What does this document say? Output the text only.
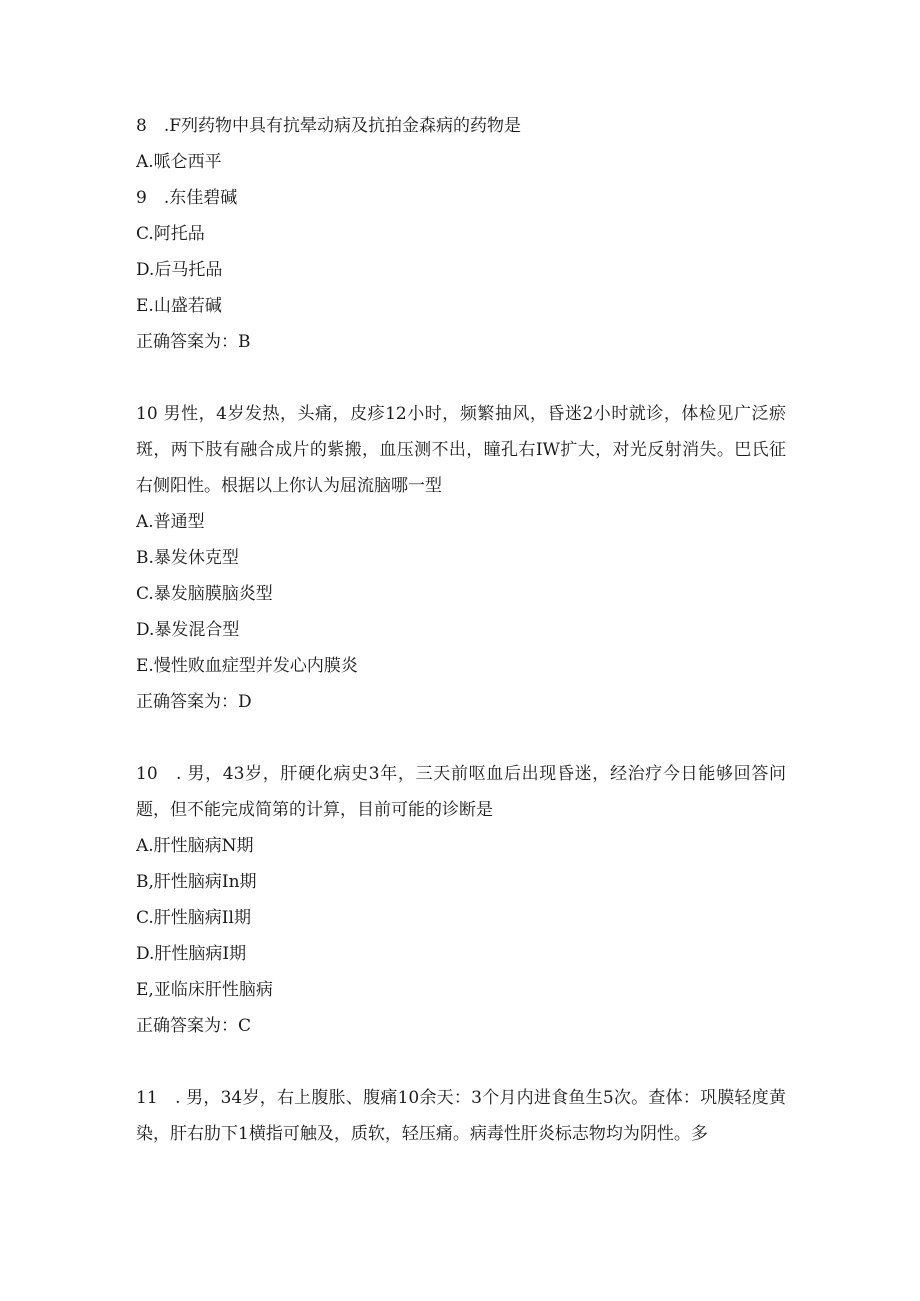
8　.F列药物中具有抗晕动病及抗拍金森病的药物是
A.哌仑西平
9　.东佳碧碱
C.阿托品
D.后马托品
E.山盛若碱
正确答案为：B
10 男性，4岁发热，头痛，皮疹12小时，频繁抽风，昏迷2小时就诊，体检见广泛瘀斑，两下肢有融合成片的紫搬，血压测不出，瞳孔右IW扩大，对光反射消失。巴氏征右侧阳性。根据以上你认为屈流脑哪一型
A.普通型
B.暴发休克型
C.暴发脑膜脑炎型
D.暴发混合型
E.慢性败血症型并发心内膜炎
正确答案为：D
10　. 男，43岁，肝硬化病史3年，三天前呕血后出现昏迷，经治疗今日能够回答问题，但不能完成简第的计算，目前可能的诊断是
A.肝性脑病N期
B,肝性脑病In期
C.肝性脑病Il期
D.肝性脑病I期
E,亚临床肝性脑病
正确答案为：C
11　. 男，34岁，右上腹胀、腹痛10余天：3个月内进食鱼生5次。查体：巩膜轻度黄染，肝右肋下1横指可触及，质软，轻压痛。病毒性肝炎标志物均为阴性。多
